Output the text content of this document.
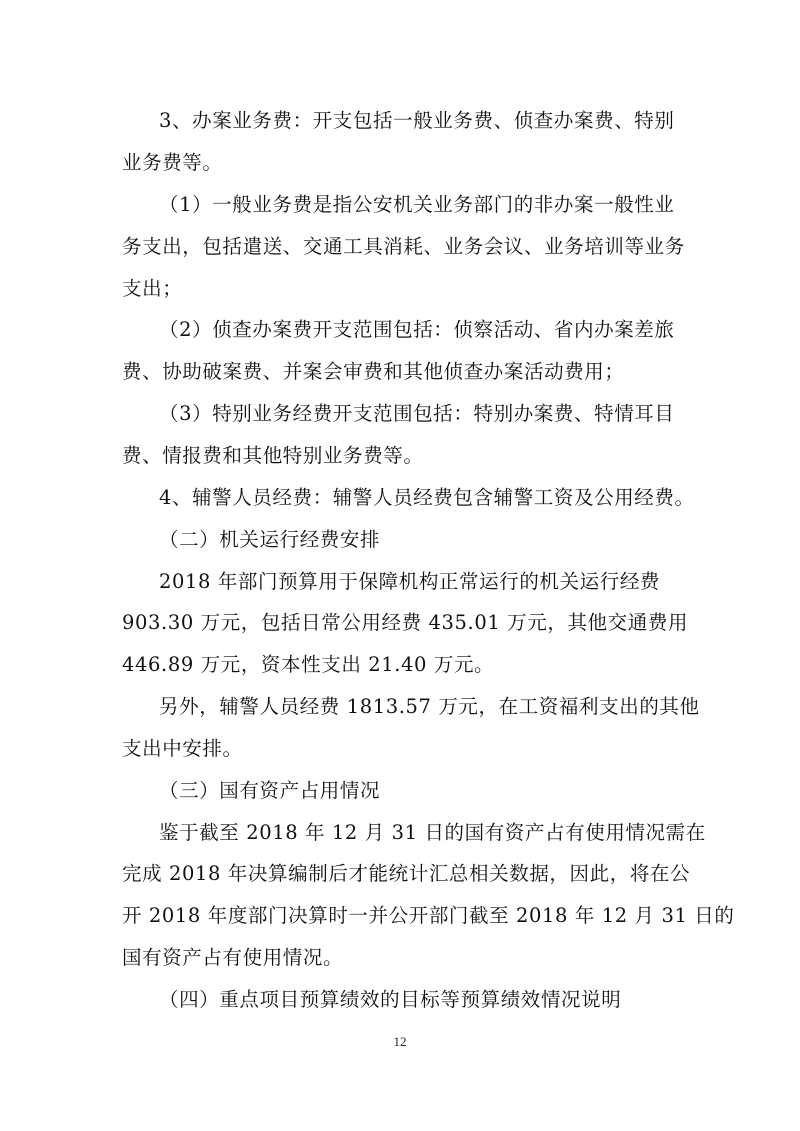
3、办案业务费：开支包括一般业务费、侦查办案费、特别
业务费等。
（1）一般业务费是指公安机关业务部门的非办案一般性业
务支出，包括遣送、交通工具消耗、业务会议、业务培训等业务
支出；
（2）侦查办案费开支范围包括：侦察活动、省内办案差旅
费、协助破案费、并案会审费和其他侦查办案活动费用；
（3）特别业务经费开支范围包括：特别办案费、特情耳目
费、情报费和其他特别业务费等。
4、辅警人员经费：辅警人员经费包含辅警工资及公用经费。
（二）机关运行经费安排
2018 年部门预算用于保障机构正常运行的机关运行经费
903.30 万元，包括日常公用经费 435.01 万元，其他交通费用
446.89 万元，资本性支出 21.40 万元。
另外，辅警人员经费 1813.57 万元，在工资福利支出的其他
支出中安排。
（三）国有资产占用情况
鉴于截至 2018 年 12 月 31 日的国有资产占有使用情况需在
完成 2018 年决算编制后才能统计汇总相关数据，因此，将在公
开 2018 年度部门决算时一并公开部门截至 2018 年 12 月 31 日的
国有资产占有使用情况。
（四）重点项目预算绩效的目标等预算绩效情况说明
12
